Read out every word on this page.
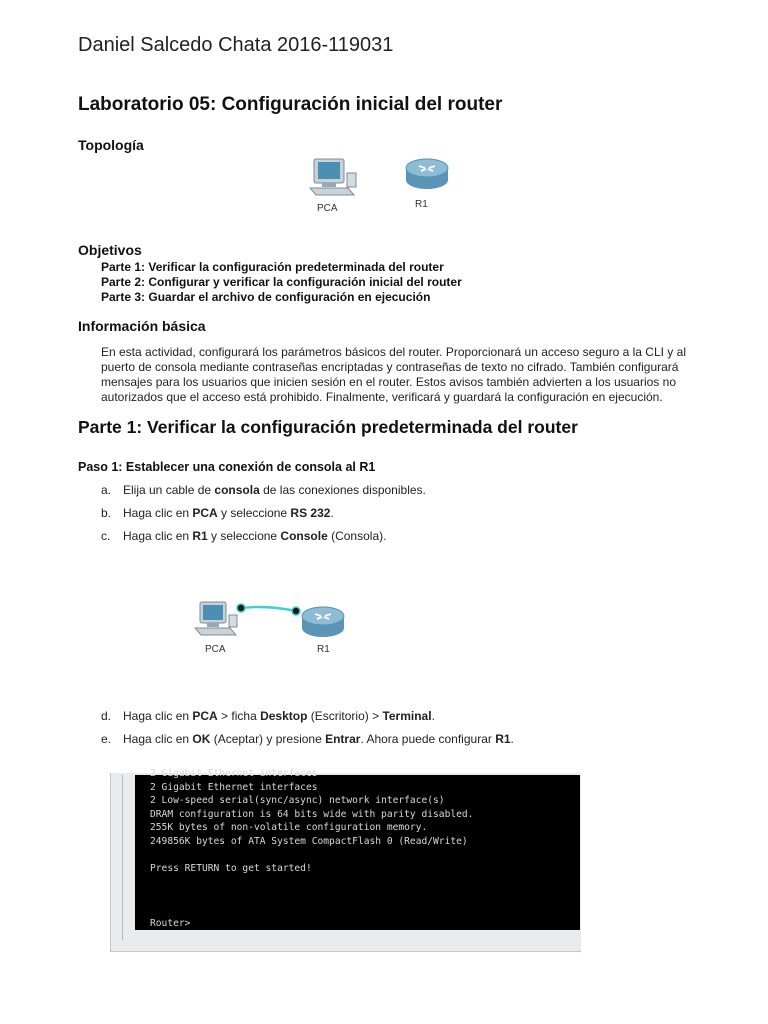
Daniel Salcedo Chata 2016-119031
Laboratorio 05: Configuración inicial del router
Topología
PCA	R1
Objetivos
Parte 1: Verificar la configuración predeterminada del router
Parte 2: Configurar y verificar la configuración inicial del router
Parte 3: Guardar el archivo de configuración en ejecución
Información básica
En esta actividad, configurará los parámetros básicos del router. Proporcionará un acceso seguro a la CLI y al
puerto de consola mediante contraseñas encriptadas y contraseñas de texto no cifrado. También configurará
mensajes para los usuarios que inicien sesión en el router. Estos avisos también advierten a los usuarios no
autorizados que el acceso está prohibido. Finalmente, verificará y guardará la configuración en ejecución.
Parte 1: Verificar la configuración predeterminada del router
Paso 1: Establecer una conexión de consola al R1
a. Elija un cable de consola de las conexiones disponibles.
b. Haga clic en PCA y seleccione RS 232.
c. Haga clic en R1 y seleccione Console (Consola).
PCA	R1
d. Haga clic en PCA > ficha Desktop (Escritorio) > Terminal.
e. Haga clic en OK (Aceptar) y presione Entrar. Ahora puede configurar R1.
2 Gigabit Ethernet interfaces
2 Gigabit Ethernet interfaces
2 Low-speed serial(sync/async) network interface(s)
DRAM configuration is 64 bits wide with parity disabled.
255K bytes of non-volatile configuration memory.
249856K bytes of ATA System CompactFlash 0 (Read/Write)
Press RETURN to get started!
Router>
